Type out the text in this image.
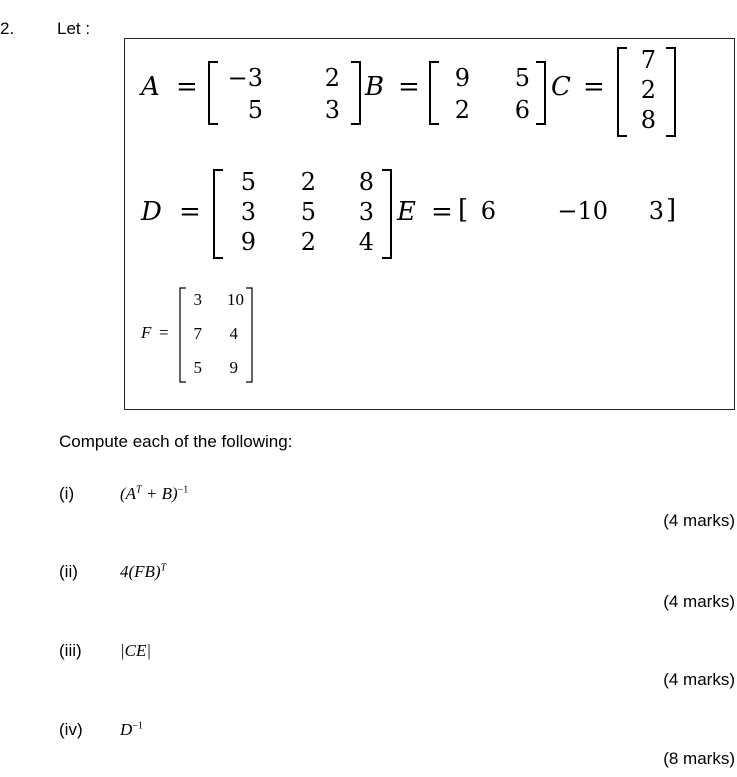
2.	Let :
A =	−3	2
5	3
B =	9	5
2	6
C =
7
2
8
D =
5	2	8
3	5	3
9	2	4
E = [ 6	−10	3 ]
F =
3	10
7	4
5	9
Compute each of the following:
(i)	$(A^T + B)^{-1}$
(4 marks)
(ii) 4(FB)$^T$
(4 marks)
(iii) |CE|
(4 marks)
(iv) $D^{-1}$
(8 marks)
